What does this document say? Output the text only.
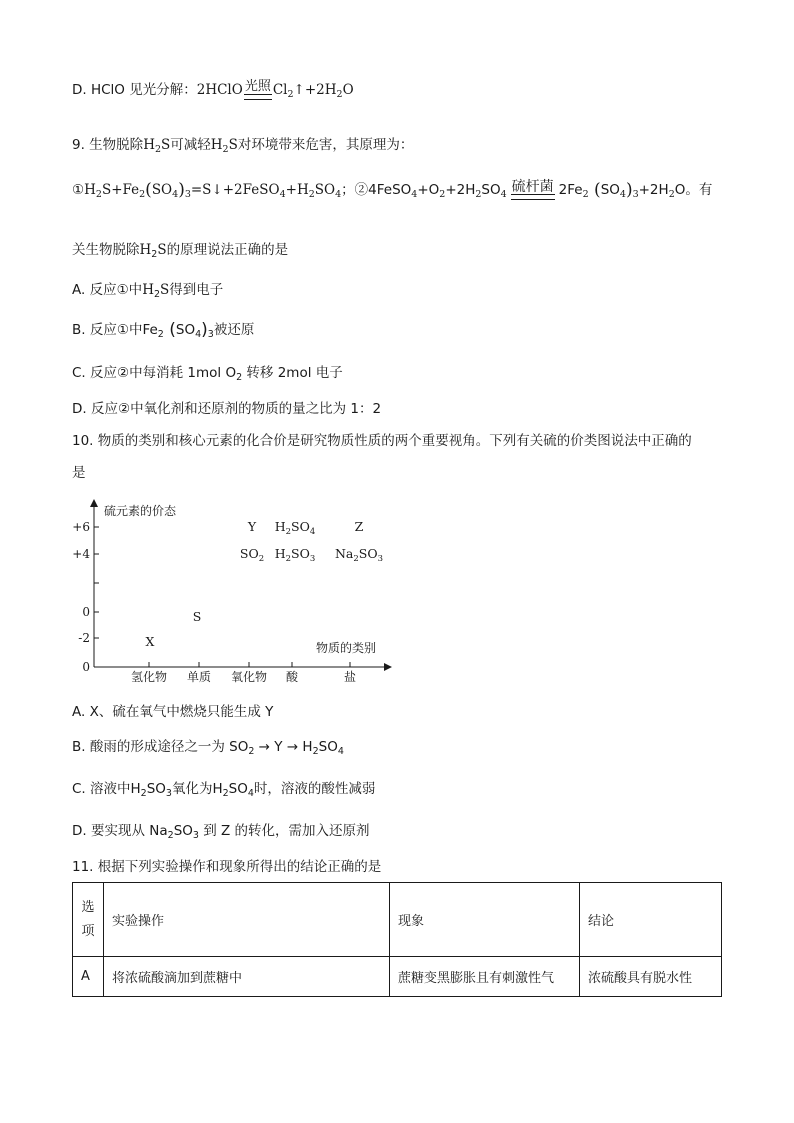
D. HClO 见光分解：2HClO 光照 $Cl_2↑+2H_2O$
9. 生物脱除$H_2S$可减轻$H_2S$对环境带来危害，其原理为：
$①H_2S+Fe_2(SO_4)_3=S↓+2FeSO_4+H_2SO_4$；$②4FeSO_4+O_2+2H_2SO_4$ 硫杆菌 $2Fe_2$ $(SO_4)_3+2H_2O$。有
关生物脱除$H_2S$的原理说法正确的是
A. 反应①中$H_2S$得到电子
B. 反应①中$Fe_2$ $(SO_4)_3$被还原
C. 反应②中每消耗 1mol $O_2$ 转移 2mol 电子
D. 反应②中氧化剂和还原剂的物质的量之比为 1：2
10. 物质的类别和核心元素的化合价是研究物质性质的两个重要视角。下列有关硫的价类图说法中正确的
是
硫元素的价态
物质的类别
+6
+4
0
-2
0
氢化物 单质 氧化物 酸	盐
X
S
Y
$SO_2$
$H_2SO_4$
$H_2SO_3$
Z
$Na_2SO_3$
A. X、硫在氧气中燃烧只能生成 Y
B. 酸雨的形成途径之一为 $SO_2 \to Y \to H_2SO_4$
C. 溶液中$H_2SO_3$氧化为$H_2SO_4$时，溶液的酸性减弱
D. 要实现从 $Na_2SO_3$ 到 Z 的转化，需加入还原剂
11. 根据下列实验操作和现象所得出的结论正确的是
选
项	实验操作	现象	结论
A	将浓硫酸滴加到蔗糖中	蔗糖变黑膨胀且有刺激性气	浓硫酸具有脱水性
